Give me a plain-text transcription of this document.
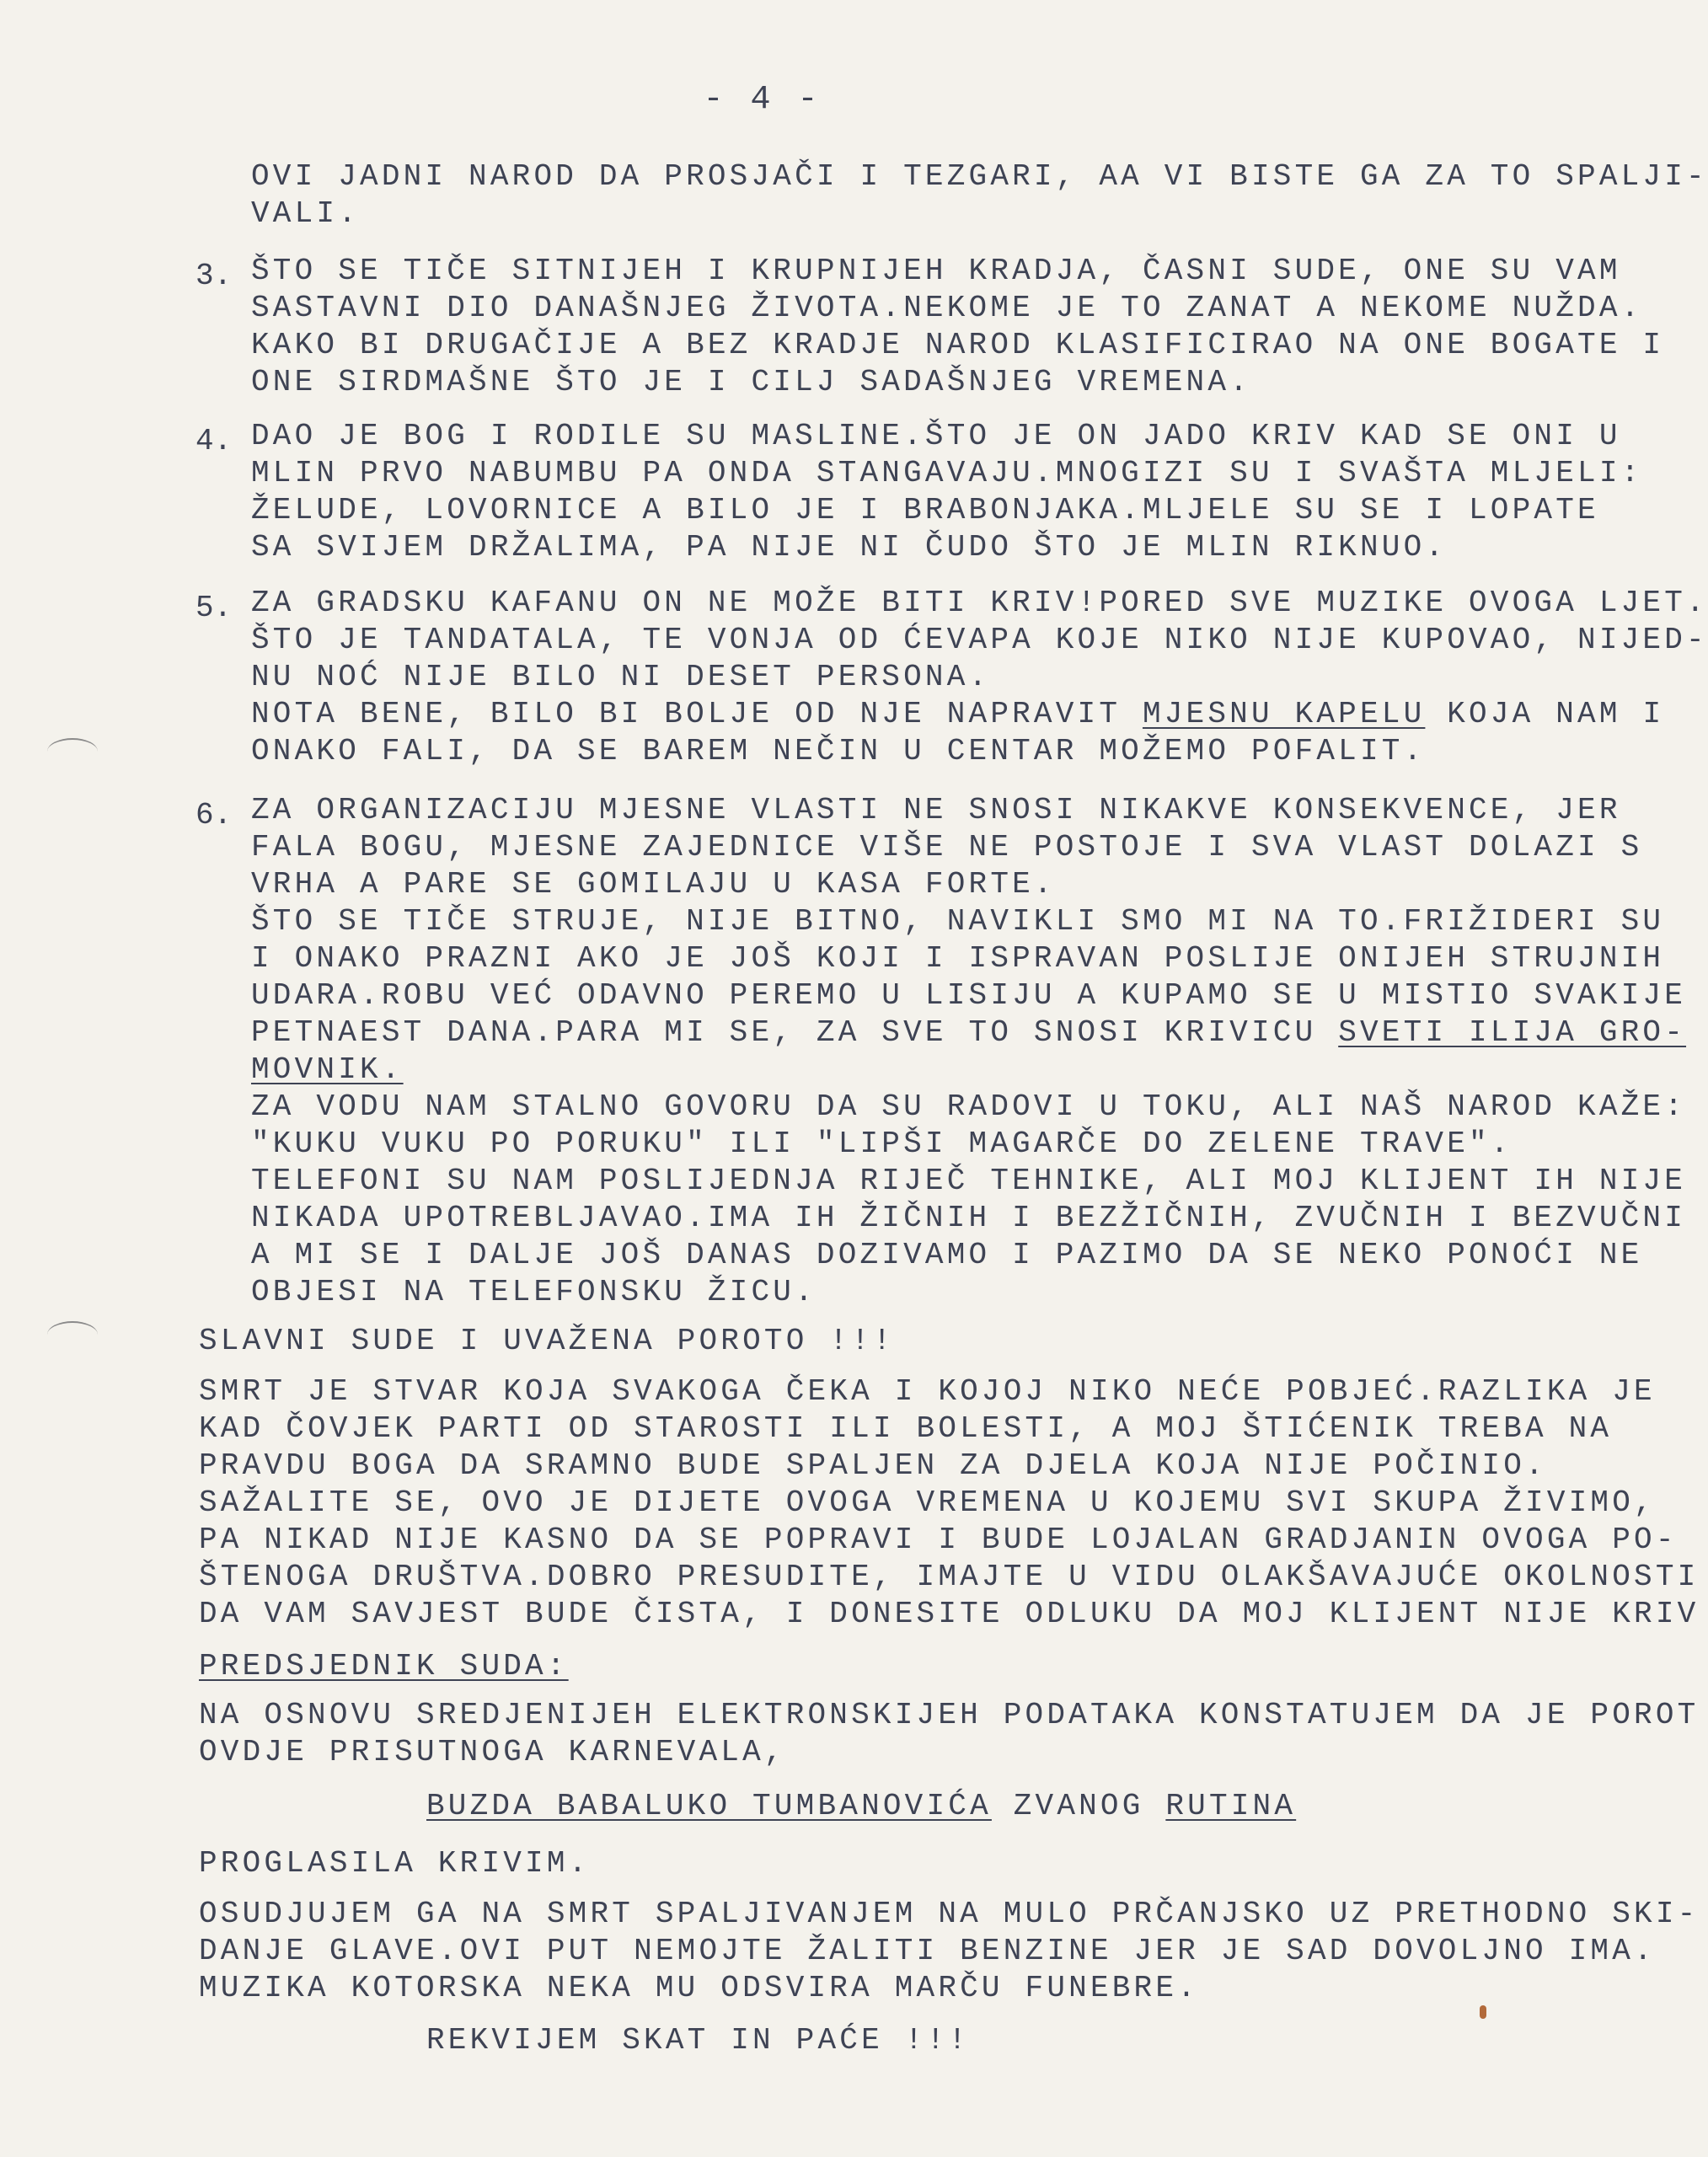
- 4 -
OVI JADNI NAROD DA PROSJAČI I TEZGARI, AA VI BISTE GA ZA TO SPALJI-
VALI.
3. ŠTO SE TIČE SITNIJEH I KRUPNIJEH KRADJA, ČASNI SUDE, ONE SU VAM
SASTAVNI DIO DANAŠNJEG ŽIVOTA.NEKOME JE TO ZANAT A NEKOME NUŽDA.
KAKO BI DRUGAČIJE A BEZ KRADJE NAROD KLASIFICIRAO NA ONE BOGATE I
ONE SIRDMAŠNE ŠTO JE I CILJ SADAŠNJEG VREMENA.
4. DAO JE BOG I RODILE SU MASLINE.ŠTO JE ON JADO KRIV KAD SE ONI U
MLIN PRVO NABUMBU PA ONDA STANGAVAJU.MNOGIZI SU I SVAŠTA MLJELI:
ŽELUDE, LOVORNICE A BILO JE I BRABONJAKA.MLJELE SU SE I LOPATE
SA SVIJEM DRŽALIMA, PA NIJE NI ČUDO ŠTO JE MLIN RIKNUO.
5. ZA GRADSKU KAFANU ON NE MOŽE BITI KRIV!PORED SVE MUZIKE OVOGA LJET.
ŠTO JE TANDATALA, TE VONJA OD ĆEVAPA KOJE NIKO NIJE KUPOVAO, NIJED-
NU NOĆ NIJE BILO NI DESET PERSONA.
NOTA BENE, BILO BI BOLJE OD NJE NAPRAVIT MJESNU KAPELU KOJA NAM I
ONAKO FALI, DA SE BAREM NEČIN U CENTAR MOŽEMO POFALIT.
6. ZA ORGANIZACIJU MJESNE VLASTI NE SNOSI NIKAKVE KONSEKVENCE, JER
FALA BOGU, MJESNE ZAJEDNICE VIŠE NE POSTOJE I SVA VLAST DOLAZI S
VRHA A PARE SE GOMILAJU U KASA FORTE.
ŠTO SE TIČE STRUJE, NIJE BITNO, NAVIKLI SMO MI NA TO.FRIŽIDERI SU
I ONAKO PRAZNI AKO JE JOŠ KOJI I ISPRAVAN POSLIJE ONIJEH STRUJNIH
UDARA.ROBU VEĆ ODAVNO PEREMO U LISIJU A KUPAMO SE U MISTIO SVAKIJE
PETNAEST DANA.PARA MI SE, ZA SVE TO SNOSI KRIVICU SVETI ILIJA GRO-
MOVNIK.
ZA VODU NAM STALNO GOVORU DA SU RADOVI U TOKU, ALI NAŠ NAROD KAŽE:
"KUKU VUKU PO PORUKU" ILI "LIPŠI MAGARČE DO ZELENE TRAVE".
TELEFONI SU NAM POSLIJEDNJA RIJEČ TEHNIKE, ALI MOJ KLIJENT IH NIJE
NIKADA UPOTREBLJAVAO.IMA IH ŽIČNIH I BEZŽIČNIH, ZVUČNIH I BEZVUČNI
A MI SE I DALJE JOŠ DANAS DOZIVAMO I PAZIMO DA SE NEKO PONOĆI NE
OBJESI NA TELEFONSKU ŽICU.
SLAVNI SUDE I UVAŽENA POROTO !!!
SMRT JE STVAR KOJA SVAKOGA ČEKA I KOJOJ NIKO NEĆE POBJEĆ.RAZLIKA JE
KAD ČOVJEK PARTI OD STAROSTI ILI BOLESTI, A MOJ ŠTIĆENIK TREBA NA
PRAVDU BOGA DA SRAMNO BUDE SPALJEN ZA DJELA KOJA NIJE POČINIO.
SAŽALITE SE, OVO JE DIJETE OVOGA VREMENA U KOJEMU SVI SKUPA ŽIVIMO,
PA NIKAD NIJE KASNO DA SE POPRAVI I BUDE LOJALAN GRADJANIN OVOGA PO-
ŠTENOGA DRUŠTVA.DOBRO PRESUDITE, IMAJTE U VIDU OLAKŠAVAJUĆE OKOLNOSTI
DA VAM SAVJEST BUDE ČISTA, I DONESITE ODLUKU DA MOJ KLIJENT NIJE KRIV
PREDSJEDNIK SUDA:
NA OSNOVU SREDJENIJEH ELEKTRONSKIJEH PODATAKA KONSTATUJEM DA JE POROT
OVDJE PRISUTNOGA KARNEVALA,
BUZDA BABALUKO TUMBANOVIĆA ZVANOG RUTINA
PROGLASILA KRIVIM.
OSUDJUJEM GA NA SMRT SPALJIVANJEM NA MULO PRČANJSKO UZ PRETHODNO SKI-
DANJE GLAVE.OVI PUT NEMOJTE ŽALITI BENZINE JER JE SAD DOVOLJNO IMA.
MUZIKA KOTORSKA NEKA MU ODSVIRA MARČU FUNEBRE.
REKVIJEM SKAT IN PAĆE !!!
